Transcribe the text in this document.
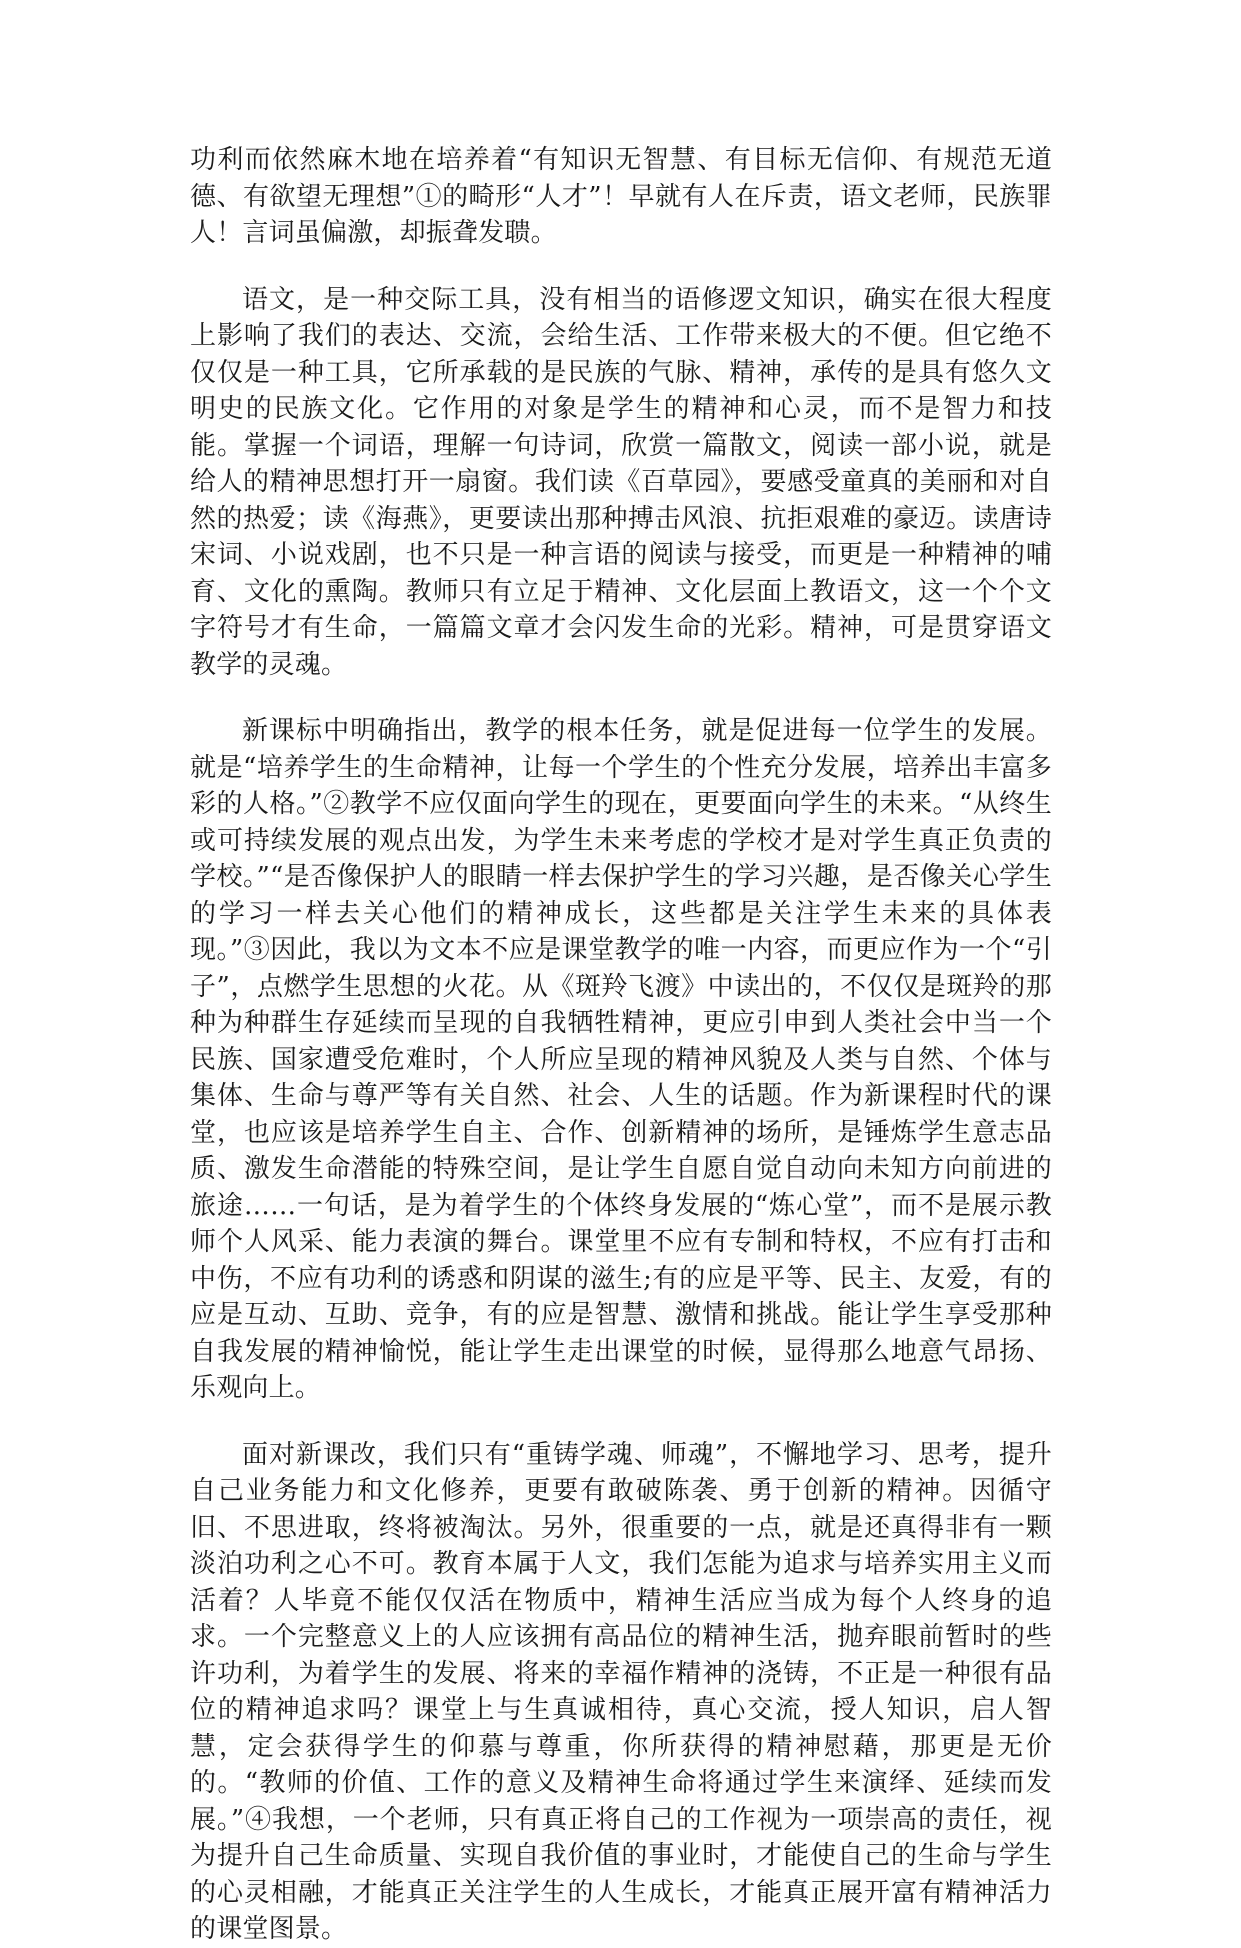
功利而依然麻木地在培养着“有知识无智慧、有目标无信仰、有规范无道德、有欲望无理想”①的畸形“人才”！早就有人在斥责，语文老师，民族罪人！言词虽偏激，却振聋发聩。

语文，是一种交际工具，没有相当的语修逻文知识，确实在很大程度上影响了我们的表达、交流，会给生活、工作带来极大的不便。但它绝不仅仅是一种工具，它所承载的是民族的气脉、精神，承传的是具有悠久文明史的民族文化。它作用的对象是学生的精神和心灵，而不是智力和技能。掌握一个词语，理解一句诗词，欣赏一篇散文，阅读一部小说，就是给人的精神思想打开一扇窗。我们读《百草园》，要感受童真的美丽和对自然的热爱；读《海燕》，更要读出那种搏击风浪、抗拒艰难的豪迈。读唐诗宋词、小说戏剧，也不只是一种言语的阅读与接受，而更是一种精神的哺育、文化的熏陶。教师只有立足于精神、文化层面上教语文，这一个个文字符号才有生命，一篇篇文章才会闪发生命的光彩。精神，可是贯穿语文教学的灵魂。

新课标中明确指出，教学的根本任务，就是促进每一位学生的发展。就是“培养学生的生命精神，让每一个学生的个性充分发展，培养出丰富多彩的人格。”②教学不应仅面向学生的现在，更要面向学生的未来。“从终生或可持续发展的观点出发，为学生未来考虑的学校才是对学生真正负责的学校。”“是否像保护人的眼睛一样去保护学生的学习兴趣，是否像关心学生的学习一样去关心他们的精神成长，这些都是关注学生未来的具体表现。”③因此，我以为文本不应是课堂教学的唯一内容，而更应作为一个“引子”，点燃学生思想的火花。从《斑羚飞渡》中读出的，不仅仅是斑羚的那种为种群生存延续而呈现的自我牺牲精神，更应引申到人类社会中当一个民族、国家遭受危难时，个人所应呈现的精神风貌及人类与自然、个体与集体、生命与尊严等有关自然、社会、人生的话题。作为新课程时代的课堂，也应该是培养学生自主、合作、创新精神的场所，是锤炼学生意志品质、激发生命潜能的特殊空间，是让学生自愿自觉自动向未知方向前进的旅途……一句话，是为着学生的个体终身发展的“炼心堂”，而不是展示教师个人风采、能力表演的舞台。课堂里不应有专制和特权，不应有打击和中伤，不应有功利的诱惑和阴谋的滋生;有的应是平等、民主、友爱，有的应是互动、互助、竞争，有的应是智慧、激情和挑战。能让学生享受那种自我发展的精神愉悦，能让学生走出课堂的时候，显得那么地意气昂扬、乐观向上。

面对新课改，我们只有“重铸学魂、师魂”，不懈地学习、思考，提升自己业务能力和文化修养，更要有敢破陈袭、勇于创新的精神。因循守旧、不思进取，终将被淘汰。另外，很重要的一点，就是还真得非有一颗淡泊功利之心不可。教育本属于人文，我们怎能为追求与培养实用主义而活着？人毕竟不能仅仅活在物质中，精神生活应当成为每个人终身的追求。一个完整意义上的人应该拥有高品位的精神生活，抛弃眼前暂时的些许功利，为着学生的发展、将来的幸福作精神的浇铸，不正是一种很有品位的精神追求吗？课堂上与生真诚相待，真心交流，授人知识，启人智慧，定会获得学生的仰慕与尊重，你所获得的精神慰藉，那更是无价的。“教师的价值、工作的意义及精神生命将通过学生来演绎、延续而发展。”④我想，一个老师，只有真正将自己的工作视为一项崇高的责任，视为提升自己生命质量、实现自我价值的事业时，才能使自己的生命与学生的心灵相融，才能真正关注学生的人生成长，才能真正展开富有精神活力的课堂图景。
